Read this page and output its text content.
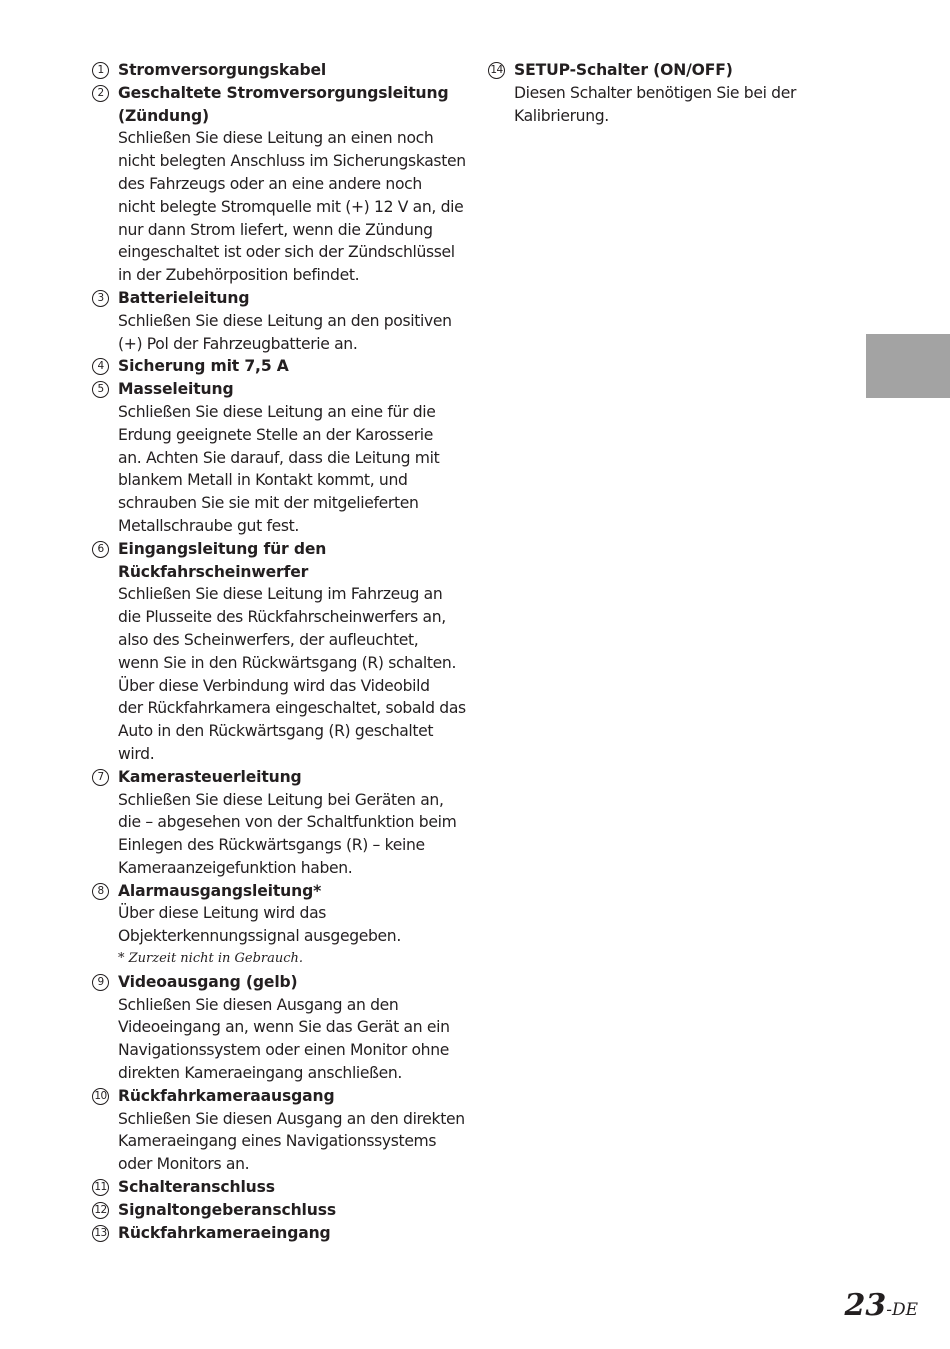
1 Stromversorgungskabel
2 Geschaltete Stromversorgungsleitung
(Zündung)
Schließen Sie diese Leitung an einen noch
nicht belegten Anschluss im Sicherungskasten
des Fahrzeugs oder an eine andere noch
nicht belegte Stromquelle mit (+) 12 V an, die
nur dann Strom liefert, wenn die Zündung
eingeschaltet ist oder sich der Zündschlüssel
in der Zubehörposition befindet.
3 Batterieleitung
Schließen Sie diese Leitung an den positiven
(+) Pol der Fahrzeugbatterie an.
4 Sicherung mit 7,5 A
5 Masseleitung
Schließen Sie diese Leitung an eine für die
Erdung geeignete Stelle an der Karosserie
an. Achten Sie darauf, dass die Leitung mit
blankem Metall in Kontakt kommt, und
schrauben Sie sie mit der mitgelieferten
Metallschraube gut fest.
6 Eingangsleitung für den
Rückfahrscheinwerfer
Schließen Sie diese Leitung im Fahrzeug an
die Plusseite des Rückfahrscheinwerfers an,
also des Scheinwerfers, der aufleuchtet,
wenn Sie in den Rückwärtsgang (R) schalten.
Über diese Verbindung wird das Videobild
der Rückfahrkamera eingeschaltet, sobald das
Auto in den Rückwärtsgang (R) geschaltet
wird.
7 Kamerasteuerleitung
Schließen Sie diese Leitung bei Geräten an,
die – abgesehen von der Schaltfunktion beim
Einlegen des Rückwärtsgangs (R) – keine
Kameraanzeigefunktion haben.
8 Alarmausgangsleitung*
Über diese Leitung wird das
Objekterkennungssignal ausgegeben.
* Zurzeit nicht in Gebrauch.
9 Videoausgang (gelb)
Schließen Sie diesen Ausgang an den
Videoeingang an, wenn Sie das Gerät an ein
Navigationssystem oder einen Monitor ohne
direkten Kameraeingang anschließen.
10 Rückfahrkameraausgang
Schließen Sie diesen Ausgang an den direkten
Kameraeingang eines Navigationssystems
oder Monitors an.
11 Schalteranschluss
12 Signaltongeberanschluss
13 Rückfahrkameraeingang
14 SETUP-Schalter (ON/OFF)
Diesen Schalter benötigen Sie bei der
Kalibrierung.
23-DE
